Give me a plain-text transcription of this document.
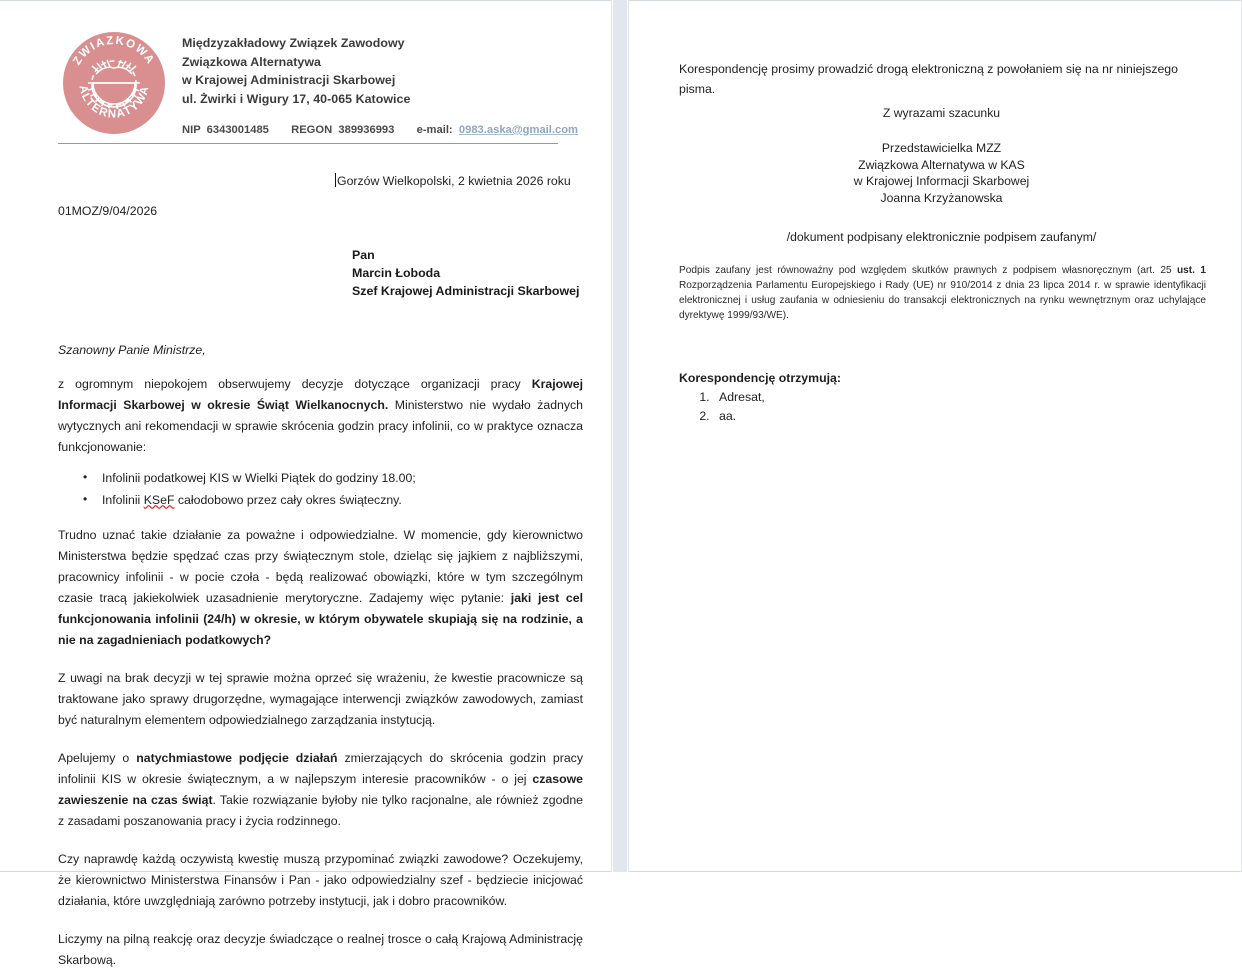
ZWIAZKOWA
ALTERNATYWA
Międzyzakładowy Związek Zawodowy
Związkowa Alternatywa
w Krajowej Administracji Skarbowej
ul. Żwirki i Wigury 17, 40-065 Katowice
NIP 6343001485 REGON 389936993 e-mail: 0983.aska@gmail.com
Gorzów Wielkopolski, 2 kwietnia 2026 roku
01MOZ/9/04/2026
Pan
Marcin Łoboda
Szef Krajowej Administracji Skarbowej
Szanowny Panie Ministrze,

z ogromnym niepokojem obserwujemy decyzje dotyczące organizacji pracy Krajowej Informacji Skarbowej w okresie Świąt Wielkanocnych. Ministerstwo nie wydało żadnych wytycznych ani rekomendacji w sprawie skrócenia godzin pracy infolinii, co w praktyce oznacza funkcjonowanie:

• Infolinii podatkowej KIS w Wielki Piątek do godziny 18.00;
• Infolinii KSeF całodobowo przez cały okres świąteczny.

Trudno uznać takie działanie za poważne i odpowiedzialne. W momencie, gdy kierownictwo Ministerstwa będzie spędzać czas przy świątecznym stole, dzieląc się jajkiem z najbliższymi, pracownicy infolinii - w pocie czoła - będą realizować obowiązki, które w tym szczególnym czasie tracą jakiekolwiek uzasadnienie merytoryczne. Zadajemy więc pytanie: jaki jest cel funkcjonowania infolinii (24/h) w okresie, w którym obywatele skupiają się na rodzinie, a nie na zagadnieniach podatkowych?

Z uwagi na brak decyzji w tej sprawie można oprzeć się wrażeniu, że kwestie pracownicze są traktowane jako sprawy drugorzędne, wymagające interwencji związków zawodowych, zamiast być naturalnym elementem odpowiedzialnego zarządzania instytucją.

Apelujemy o natychmiastowe podjęcie działań zmierzających do skrócenia godzin pracy infolinii KIS w okresie świątecznym, a w najlepszym interesie pracowników - o jej czasowe zawieszenie na czas świąt. Takie rozwiązanie byłoby nie tylko racjonalne, ale również zgodne z zasadami poszanowania pracy i życia rodzinnego.

Czy naprawdę każdą oczywistą kwestię muszą przypominać związki zawodowe? Oczekujemy, że kierownictwo Ministerstwa Finansów i Pan - jako odpowiedzialny szef - będziecie inicjować działania, które uwzględniają zarówno potrzeby instytucji, jak i dobro pracowników.

Liczymy na pilną reakcję oraz decyzje świadczące o realnej trosce o całą Krajową Administrację Skarbową.

Korespondencję prosimy prowadzić drogą elektroniczną z powołaniem się na nr niniejszego pisma.
Z wyrazami szacunku
Przedstawicielka MZZ
Związkowa Alternatywa w KAS
w Krajowej Informacji Skarbowej
Joanna Krzyżanowska
/dokument podpisany elektronicznie podpisem zaufanym/
Podpis zaufany jest równoważny pod względem skutków prawnych z podpisem własnoręcznym (art. 25 ust. 1 Rozporządzenia Parlamentu Europejskiego i Rady (UE) nr 910/2014 z dnia 23 lipca 2014 r. w sprawie identyfikacji elektronicznej i usług zaufania w odniesieniu do transakcji elektronicznych na rynku wewnętrznym oraz uchylające dyrektywę 1999/93/WE).
Korespondencję otrzymują:
1. Adresat,
2. aa.
